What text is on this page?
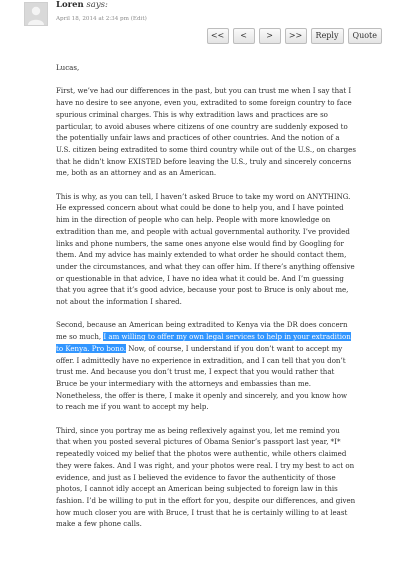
Loren says:
April 18, 2014 at 2:34 pm (Edit)
<<	<	>	>>	Reply	Quote

Lucas,

First, we’ve had our differences in the past, but you can trust me when I say that I have no desire to see anyone, even you, extradited to some foreign country to face spurious criminal charges. This is why extradition laws and practices are so particular, to avoid abuses where citizens of one country are suddenly exposed to the potentially unfair laws and practices of other countries. And the notion of a U.S. citizen being extradited to some third country while out of the U.S., on charges that he didn’t know EXISTED before leaving the U.S., truly and sincerely concerns me, both as an attorney and as an American.

This is why, as you can tell, I haven’t asked Bruce to take my word on ANYTHING. He expressed concern about what could be done to help you, and I have pointed him in the direction of people who can help. People with more knowledge on extradition than me, and people with actual governmental authority. I’ve provided links and phone numbers, the same ones anyone else would find by Googling for them. And my advice has mainly extended to what order he should contact them, under the circumstances, and what they can offer him. If there’s anything offensive or questionable in that advice, I have no idea what it could be. And I’m guessing that you agree that it’s good advice, because your post to Bruce is only about me, not about the information I shared.

Second, because an American being extradited to Kenya via the DR does concern me so much, I am willing to offer my own legal services to help in your extradition to Kenya. Pro bono. Now, of course, I understand if you don’t want to accept my offer. I admittedly have no experience in extradition, and I can tell that you don’t trust me. And because you don’t trust me, I expect that you would rather that Bruce be your intermediary with the attorneys and embassies than me. Nonetheless, the offer is there, I make it openly and sincerely, and you know how to reach me if you want to accept my help.

Third, since you portray me as being reflexively against you, let me remind you that when you posted several pictures of Obama Senior’s passport last year, *I* repeatedly voiced my belief that the photos were authentic, while others claimed they were fakes. And I was right, and your photos were real. I try my best to act on evidence, and just as I believed the evidence to favor the authenticity of those photos, I cannot idly accept an American being subjected to foreign law in this fashion. I’d be willing to put in the effort for you, despite our differences, and given how much closer you are with Bruce, I trust that he is certainly willing to at least make a few phone calls.
